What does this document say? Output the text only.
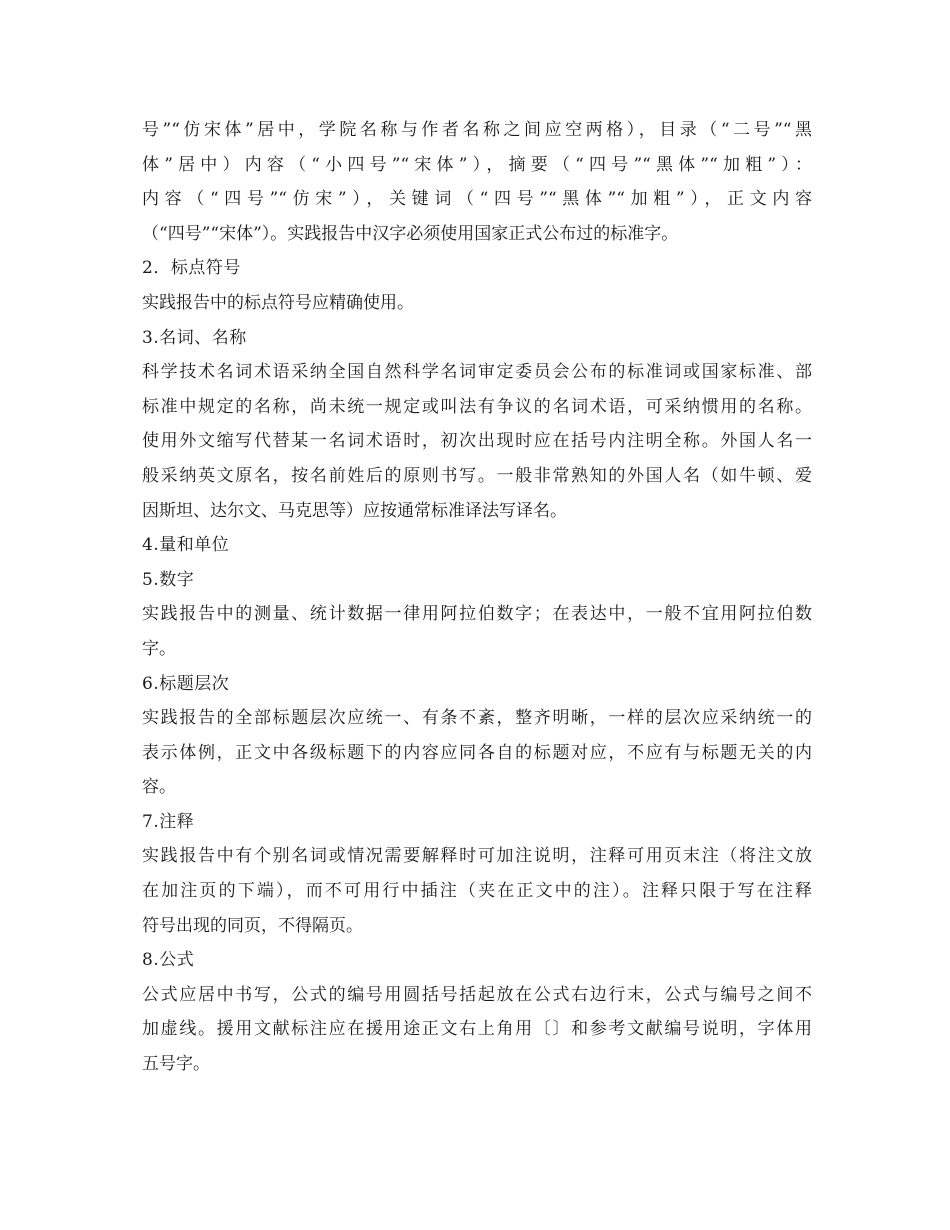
号”“仿宋体”居中，学院名称与作者名称之间应空两格），目录（“二号”“黑
体”居中）内容（“小四号”“宋体”），摘要（“四号”“黑体”“加粗”）：
内容（“四号”“仿宋”），关键词（“四号”“黑体”“加粗”），正文内容
（“四号”“宋体”）。实践报告中汉字必须使用国家正式公布过的标准字。
2．标点符号
实践报告中的标点符号应精确使用。
3.名词、名称
科学技术名词术语采纳全国自然科学名词审定委员会公布的标准词或国家标准、部
标准中规定的名称，尚未统一规定或叫法有争议的名词术语，可采纳惯用的名称。
使用外文缩写代替某一名词术语时，初次出现时应在括号内注明全称。外国人名一
般采纳英文原名，按名前姓后的原则书写。一般非常熟知的外国人名（如牛顿、爱
因斯坦、达尔文、马克思等）应按通常标准译法写译名。
4.量和单位
5.数字
实践报告中的测量、统计数据一律用阿拉伯数字；在表达中，一般不宜用阿拉伯数
字。
6.标题层次
实践报告的全部标题层次应统一、有条不紊，整齐明晰，一样的层次应采纳统一的
表示体例，正文中各级标题下的内容应同各自的标题对应，不应有与标题无关的内
容。
7.注释
实践报告中有个别名词或情况需要解释时可加注说明，注释可用页末注（将注文放
在加注页的下端），而不可用行中插注（夹在正文中的注）。注释只限于写在注释
符号出现的同页，不得隔页。
8.公式
公式应居中书写，公式的编号用圆括号括起放在公式右边行末，公式与编号之间不
加虚线。援用文献标注应在援用途正文右上角用〔〕和参考文献编号说明，字体用
五号字。
